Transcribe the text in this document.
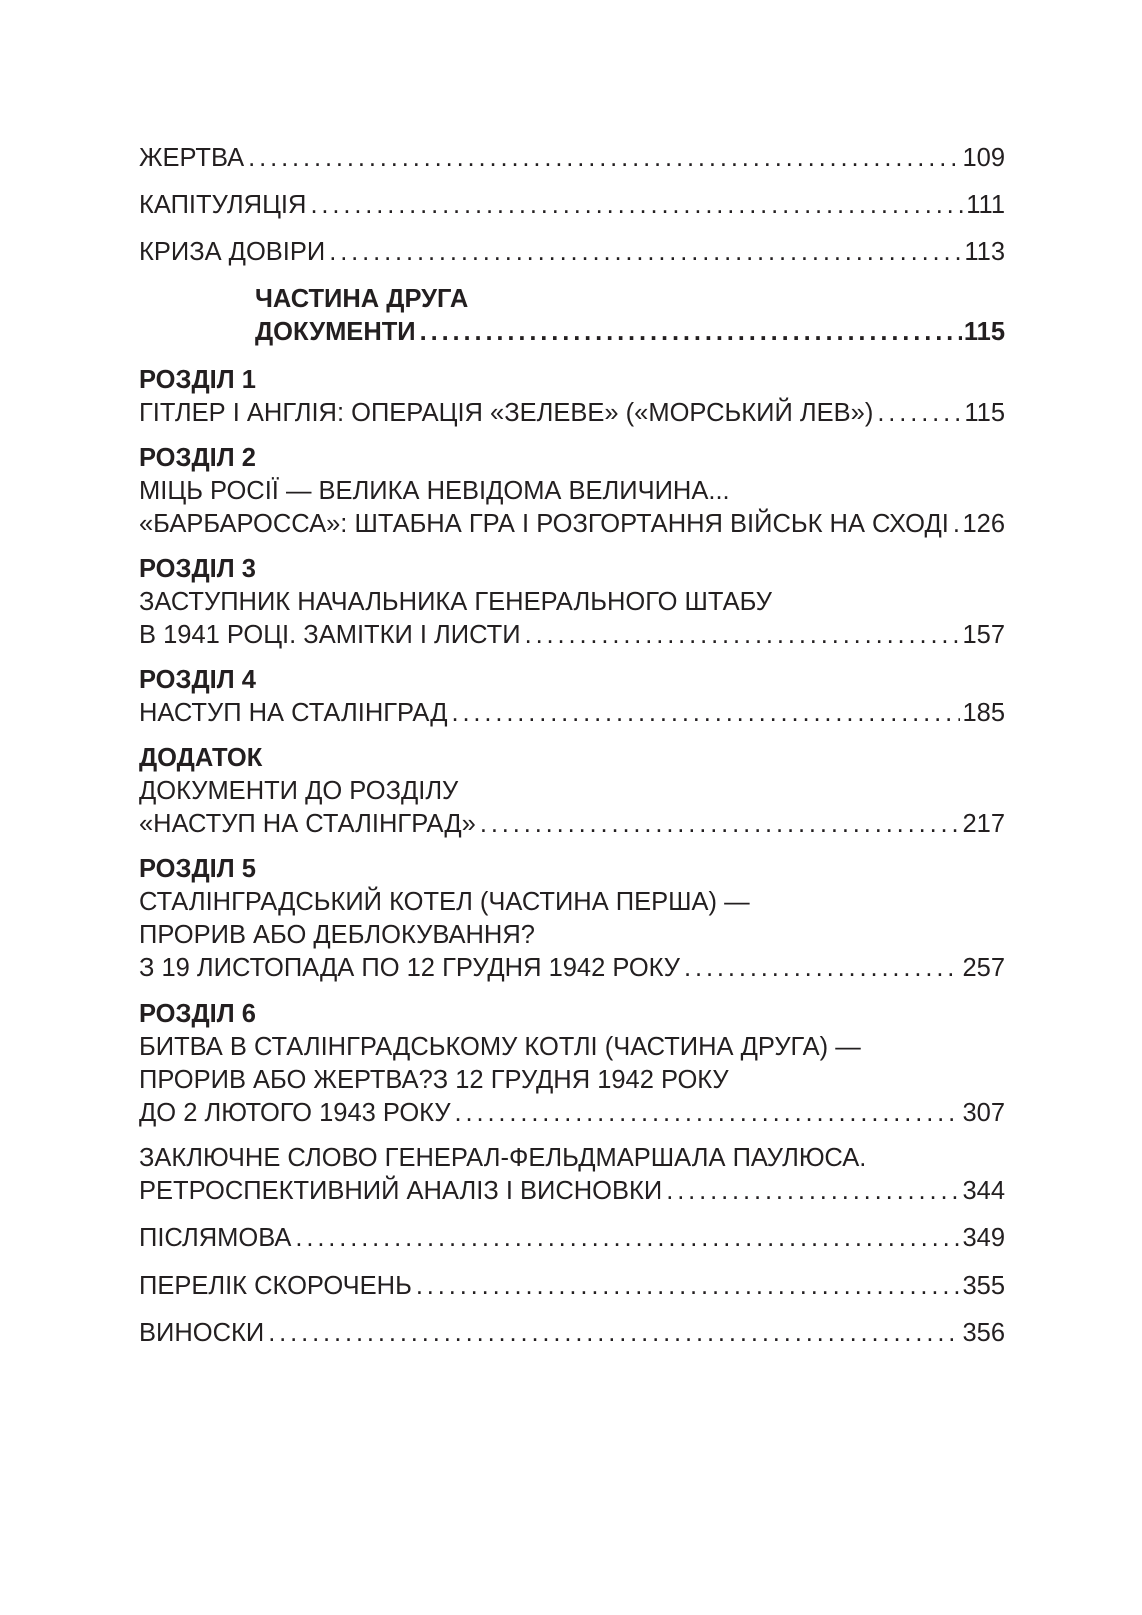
ЖЕРТВА . . .	109
КАПІТУЛЯЦІЯ . . .	111
КРИЗА ДОВІРИ . . .	113
ЧАСТИНА ДРУГА
ДОКУМЕНТИ . . .	115
РОЗДІЛ 1
ГІТЛЕР І АНГЛІЯ: ОПЕРАЦІЯ «ЗЕЛЕВЕ» («МОРСЬКИЙ ЛЕВ») . . .	115
РОЗДІЛ 2
МІЦЬ РОСІЇ — ВЕЛИКА НЕВІДОМА ВЕЛИЧИНА...
«БАРБАРОССА»: ШТАБНА ГРА І РОЗГОРТАННЯ ВІЙСЬК НА СХОДІ . . . 126
РОЗДІЛ 3
ЗАСТУПНИК НАЧАЛЬНИКА ГЕНЕРАЛЬНОГО ШТАБУ
В 1941 РОЦІ. ЗАМІТКИ І ЛИСТИ . . .	157
РОЗДІЛ 4
НАСТУП НА СТАЛІНГРАД . . .	185
ДОДАТОК
ДОКУМЕНТИ ДО РОЗДІЛУ
«НАСТУП НА СТАЛІНГРАД» . . .	217
РОЗДІЛ 5
СТАЛІНГРАДСЬКИЙ КОТЕЛ (ЧАСТИНА ПЕРША) —
ПРОРИВ АБО ДЕБЛОКУВАННЯ?
З 19 ЛИСТОПАДА ПО 12 ГРУДНЯ 1942 РОКУ . . .	257
РОЗДІЛ 6
БИТВА В СТАЛІНГРАДСЬКОМУ КОТЛІ (ЧАСТИНА ДРУГА) —
ПРОРИВ АБО ЖЕРТВА?З 12 ГРУДНЯ 1942 РОКУ
ДО 2 ЛЮТОГО 1943 РОКУ . . .	307
ЗАКЛЮЧНЕ СЛОВО ГЕНЕРАЛ-ФЕЛЬДМАРШАЛА ПАУЛЮСА.
РЕТРОСПЕКТИВНИЙ АНАЛІЗ І ВИСНОВКИ . . .	344
ПІСЛЯМОВА . . .	349
ПЕРЕЛІК СКОРОЧЕНЬ . . .	355
ВИНОСКИ . . .	356
